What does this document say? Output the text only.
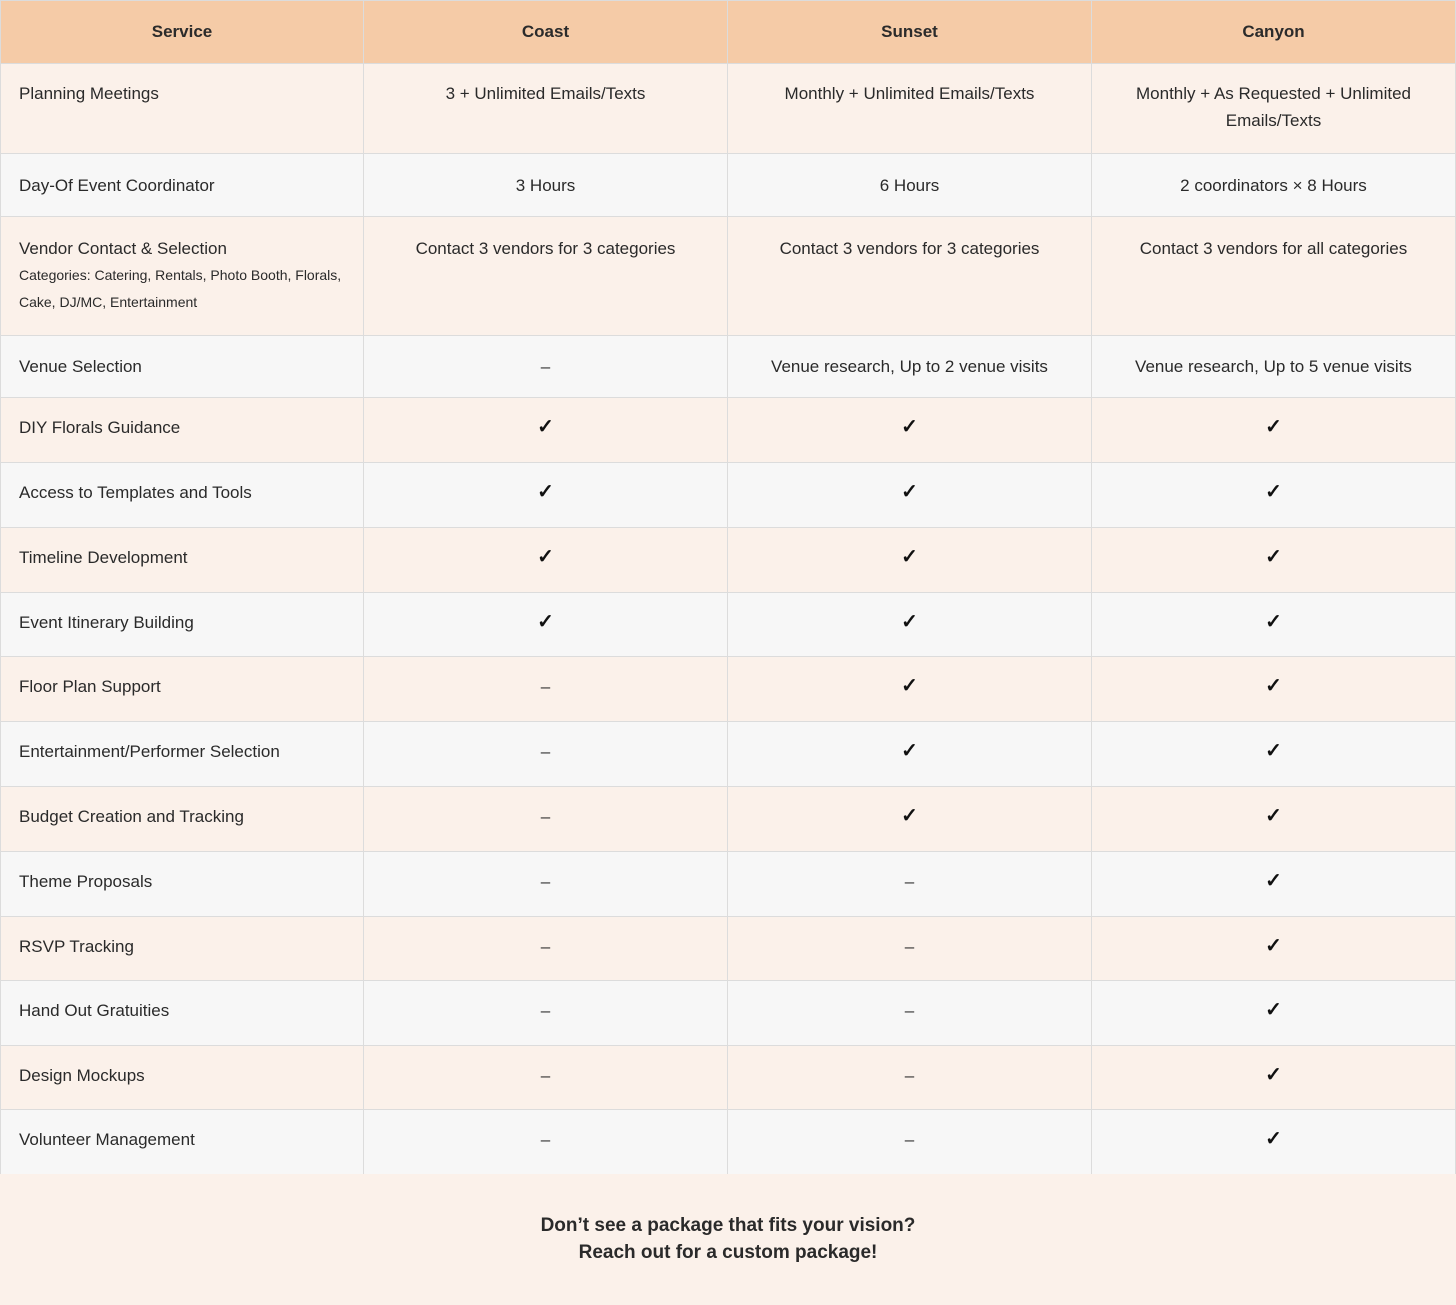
Service	Coast	Sunset	Canyon

Planning Meetings	3 + Unlimited Emails/Texts	Monthly + Unlimited Emails/Texts	Monthly + As Requested + Unlimited Emails/Texts

Day-Of Event Coordinator	3 Hours	6 Hours	2 coordinators × 8 Hours

Vendor Contact & Selection
Categories: Catering, Rentals, Photo Booth, Florals, Cake, DJ/MC, Entertainment	Contact 3 vendors for 3 categories	Contact 3 vendors for 3 categories	Contact 3 vendors for all categories

Venue Selection	–	Venue research, Up to 2 venue visits	Venue research, Up to 5 venue visits

DIY Florals Guidance	✓	✓	✓

Access to Templates and Tools	✓	✓	✓

Timeline Development	✓	✓	✓

Event Itinerary Building	✓	✓	✓

Floor Plan Support	–	✓	✓

Entertainment/Performer Selection	–	✓	✓

Budget Creation and Tracking	–	✓	✓

Theme Proposals	–	–	✓

RSVP Tracking	–	–	✓

Hand Out Gratuities	–	–	✓

Design Mockups	–	–	✓

Volunteer Management	–	–	✓
Don’t see a package that fits your vision?
Reach out for a custom package!
